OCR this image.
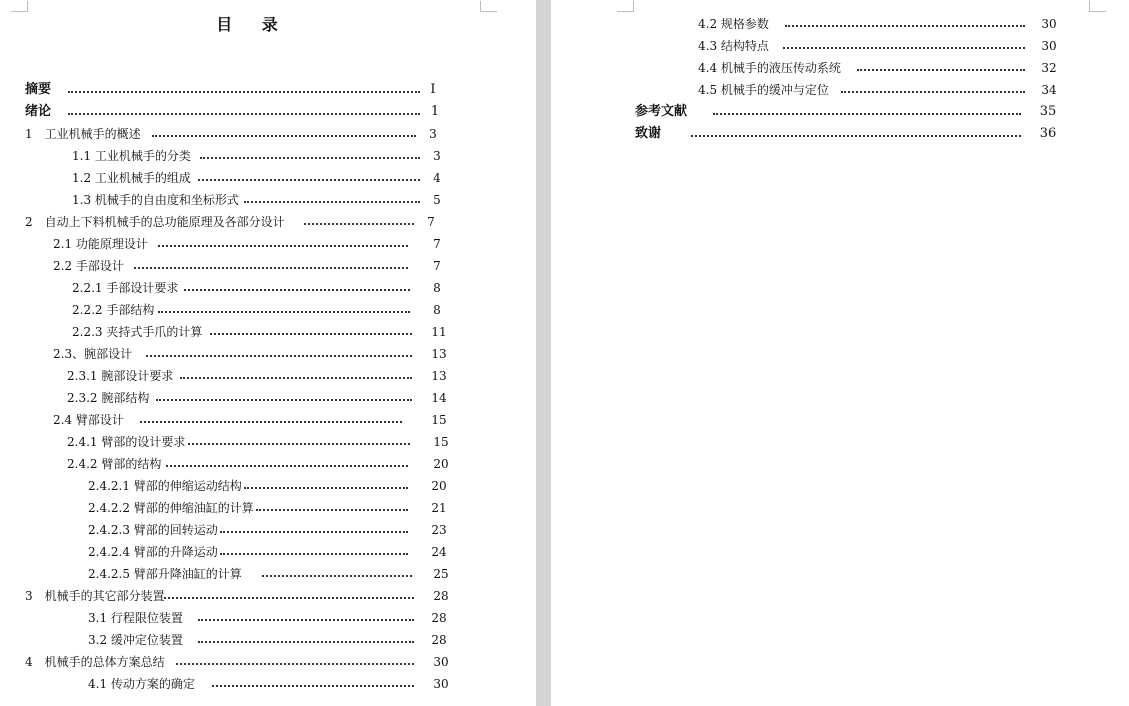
目 录
摘要	I
绪论	1
1　工业机械手的概述	3
1.1 工业机械手的分类	3
1.2 工业机械手的组成	4
1.3 机械手的自由度和坐标形式	5
2　自动上下料机械手的总功能原理及各部分设计	7
2.1 功能原理设计	7
2.2 手部设计	7
2.2.1 手部设计要求	8
2.2.2 手部结构	8
2.2.3 夹持式手爪的计算	11
2.3、腕部设计	13
2.3.1 腕部设计要求	13
2.3.2 腕部结构	14
2.4 臂部设计	15
2.4.1 臂部的设计要求	15
2.4.2 臂部的结构	20
2.4.2.1 臂部的伸缩运动结构	20
2.4.2.2 臂部的伸缩油缸的计算	21
2.4.2.3 臂部的回转运动	23
2.4.2.4 臂部的升降运动	24
2.4.2.5 臂部升降油缸的计算	25
3　机械手的其它部分装置	28
3.1 行程限位装置	28
3.2 缓冲定位装置	28
4　机械手的总体方案总结	30
4.1 传动方案的确定	30
4.2 规格参数	30
4.3 结构特点	30
4.4 机械手的液压传动系统	32
4.5 机械手的缓冲与定位	34
参考文献	35
致谢	36
